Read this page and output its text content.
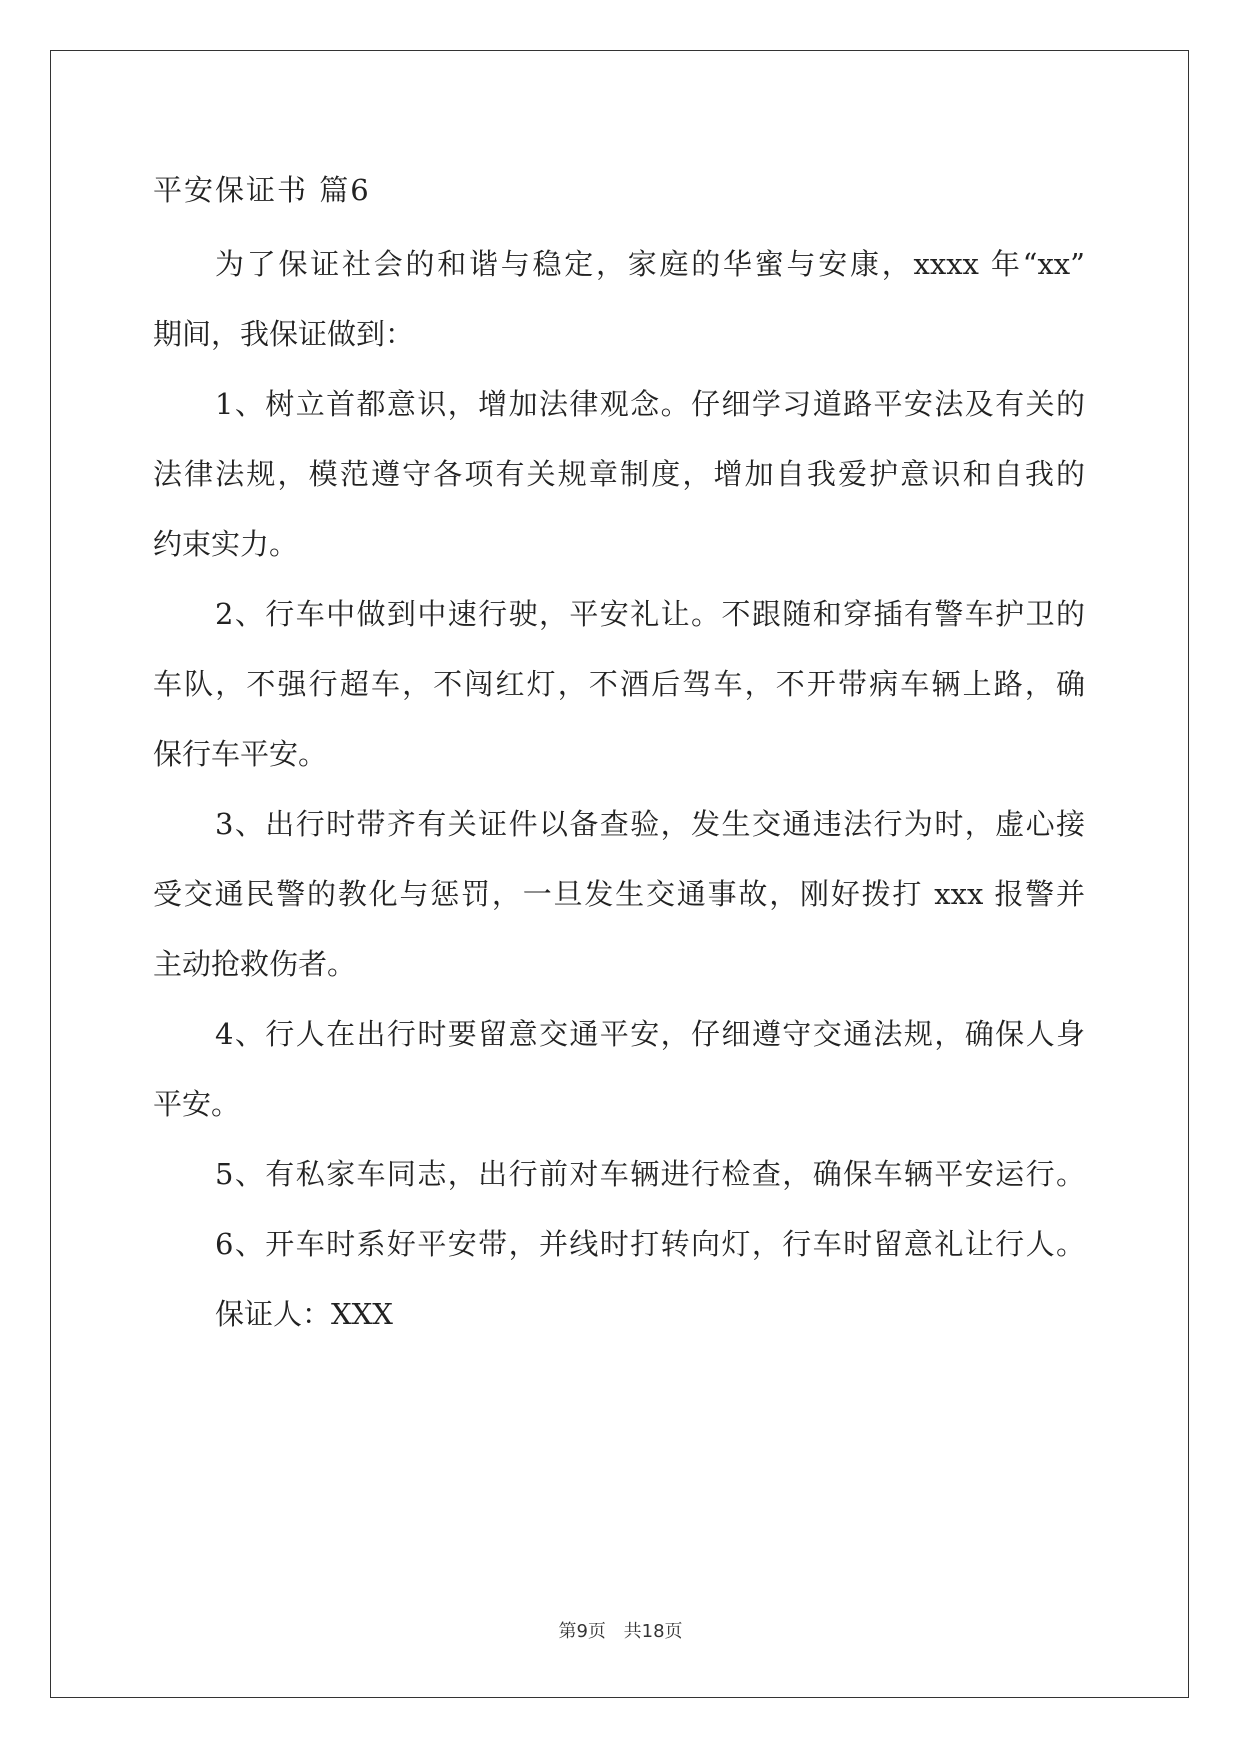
平安保证书 篇6
为了保证社会的和谐与稳定，家庭的华蜜与安康，xxxx 年“xx”
期间，我保证做到：
1、树立首都意识，增加法律观念。仔细学习道路平安法及有关的
法律法规，模范遵守各项有关规章制度，增加自我爱护意识和自我的
约束实力。
2、行车中做到中速行驶，平安礼让。不跟随和穿插有警车护卫的
车队，不强行超车，不闯红灯，不酒后驾车，不开带病车辆上路，确
保行车平安。
3、出行时带齐有关证件以备查验，发生交通违法行为时，虚心接
受交通民警的教化与惩罚，一旦发生交通事故，刚好拨打 xxx 报警并
主动抢救伤者。
4、行人在出行时要留意交通平安，仔细遵守交通法规，确保人身
平安。
5、有私家车同志，出行前对车辆进行检查，确保车辆平安运行。
6、开车时系好平安带，并线时打转向灯，行车时留意礼让行人。
保证人：XXX
第9页 共18页
